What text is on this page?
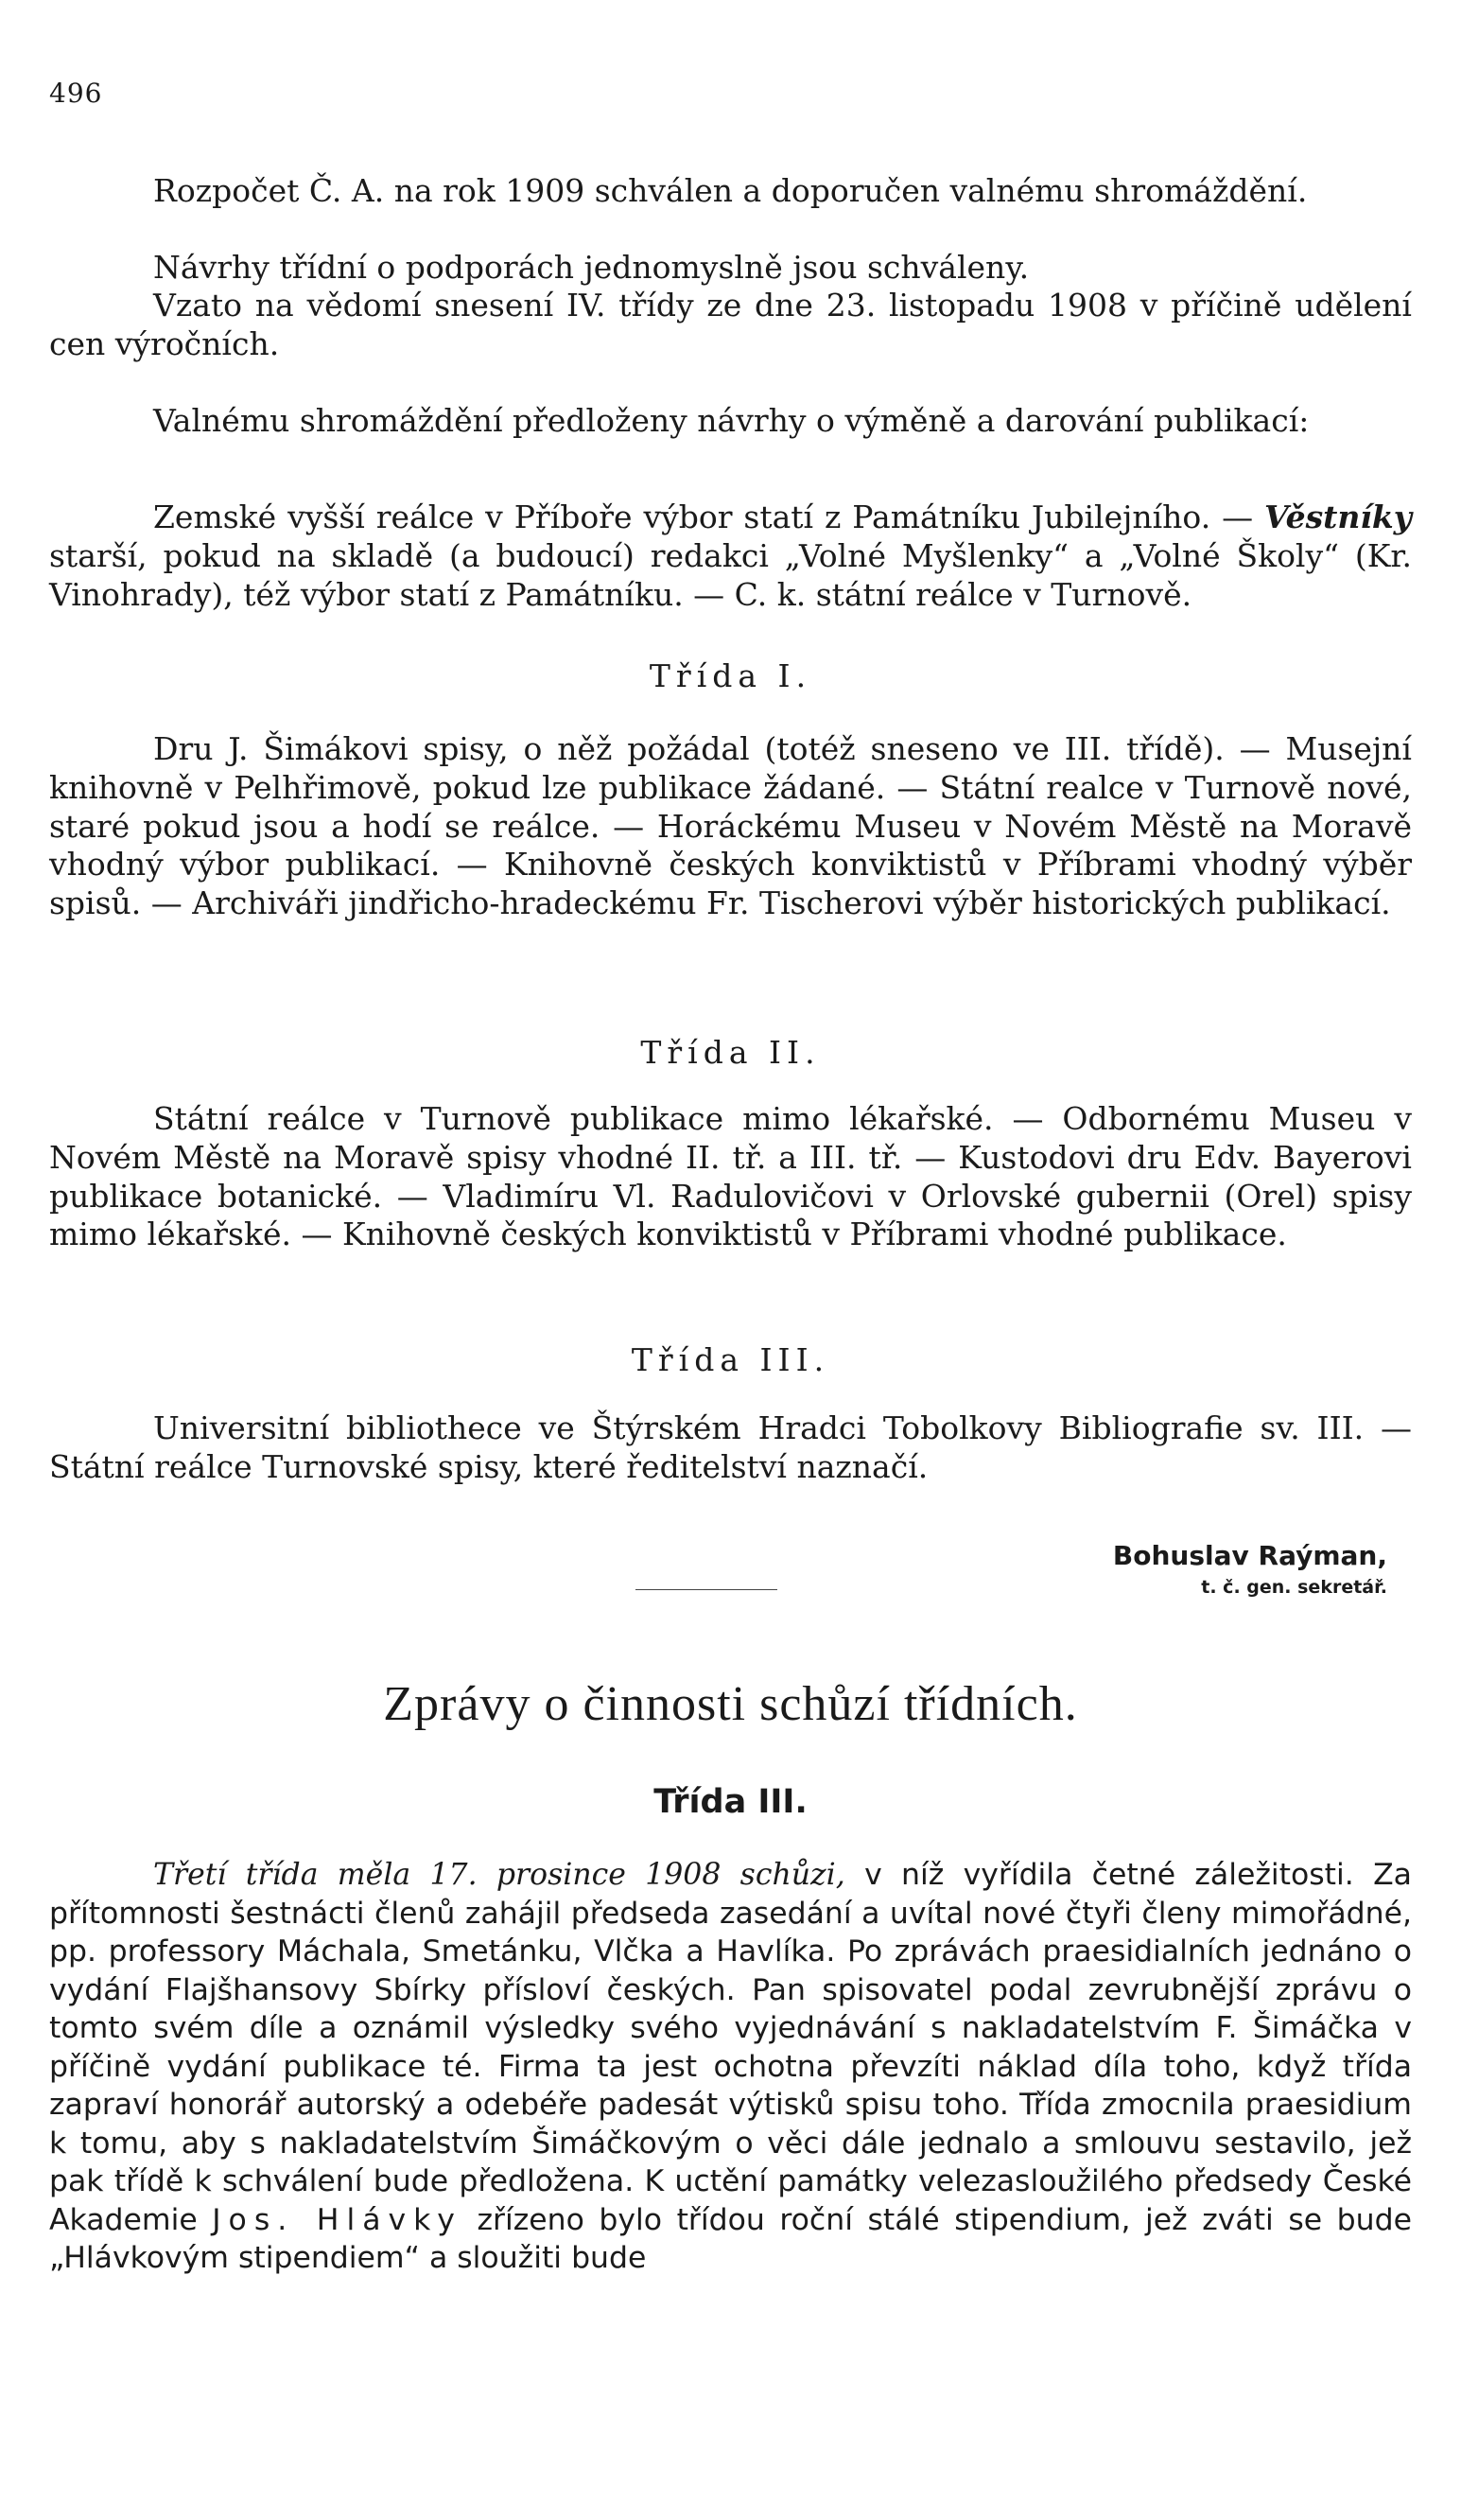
496
Rozpočet Č. A. na rok 1909 schválen a doporučen valnému shromáždění.
Návrhy třídní o podporách jednomyslně jsou schváleny.
Vzato na vědomí snesení IV. třídy ze dne 23. listopadu 1908 v příčině udělení cen výročních.
Valnému shromáždění předloženy návrhy o výměně a darování publikací:
Zemské vyšší reálce v Příboře výbor statí z Památníku Jubilejního. — Věstníky starší, pokud na skladě (a budoucí) redakci „Volné Myšlenky“ a „Volné Školy“ (Kr. Vinohrady), též výbor statí z Památníku. — C. k. státní reálce v Turnově.
Třída I.
Dru J. Šimákovi spisy, o něž požádal (totéž sneseno ve III. třídě). — Musejní knihovně v Pelhřimově, pokud lze publikace žádané. — Státní realce v Turnově nové, staré pokud jsou a hodí se reálce. — Horáckému Museu v Novém Městě na Moravě vhodný výbor publikací. — Knihovně českých konviktistů v Příbrami vhodný výběr spisů. — Archiváři jindřicho-hradeckému Fr. Tischerovi výběr historických publikací.
Třída II.
Státní reálce v Turnově publikace mimo lékařské. — Odbornému Museu v Novém Městě na Moravě spisy vhodné II. tř. a III. tř. — Kustodovi dru Edv. Bayerovi publikace botanické. — Vladimíru Vl. Radulovičovi v Orlovské gubernii (Orel) spisy mimo lékařské. — Knihovně českých konviktistů v Příbrami vhodné publikace.
Třída III.
Universitní bibliothece ve Štýrském Hradci Tobolkovy Bibliografie sv. III. — Státní reálce Turnovské spisy, které ředitelství naznačí.
Bohuslav Raýman,
t. č. gen. sekretář.
Zprávy o činnosti schůzí třídních.
Třída III.
Třetí třída měla 17. prosince 1908 schůzi, v níž vyřídila četné záležitosti. Za přítomnosti šestnácti členů zahájil předseda zasedání a uvítal nové čtyři členy mimořádné, pp. professory Máchala, Smetánku, Vlčka a Havlíka. Po zprávách praesidialních jednáno o vydání Flajšhansovy Sbírky přísloví českých. Pan spisovatel podal zevrubnější zprávu o tomto svém díle a oznámil výsledky svého vyjednávání s nakladatelstvím F. Šimáčka v příčině vydání publikace té. Firma ta jest ochotna převzíti náklad díla toho, když třída zapraví honorář autorský a odebéře padesát výtisků spisu toho. Třída zmocnila praesidium k tomu, aby s nakladatelstvím Šimáčkovým o věci dále jednalo a smlouvu sestavilo, jež pak třídě k schválení bude předložena. K uctění památky velezasloužilého předsedy České Akademie Jos. Hlávky zřízeno bylo třídou roční stálé stipendium, jež zváti se bude „Hlávkovým stipendiem“ a sloužiti bude
